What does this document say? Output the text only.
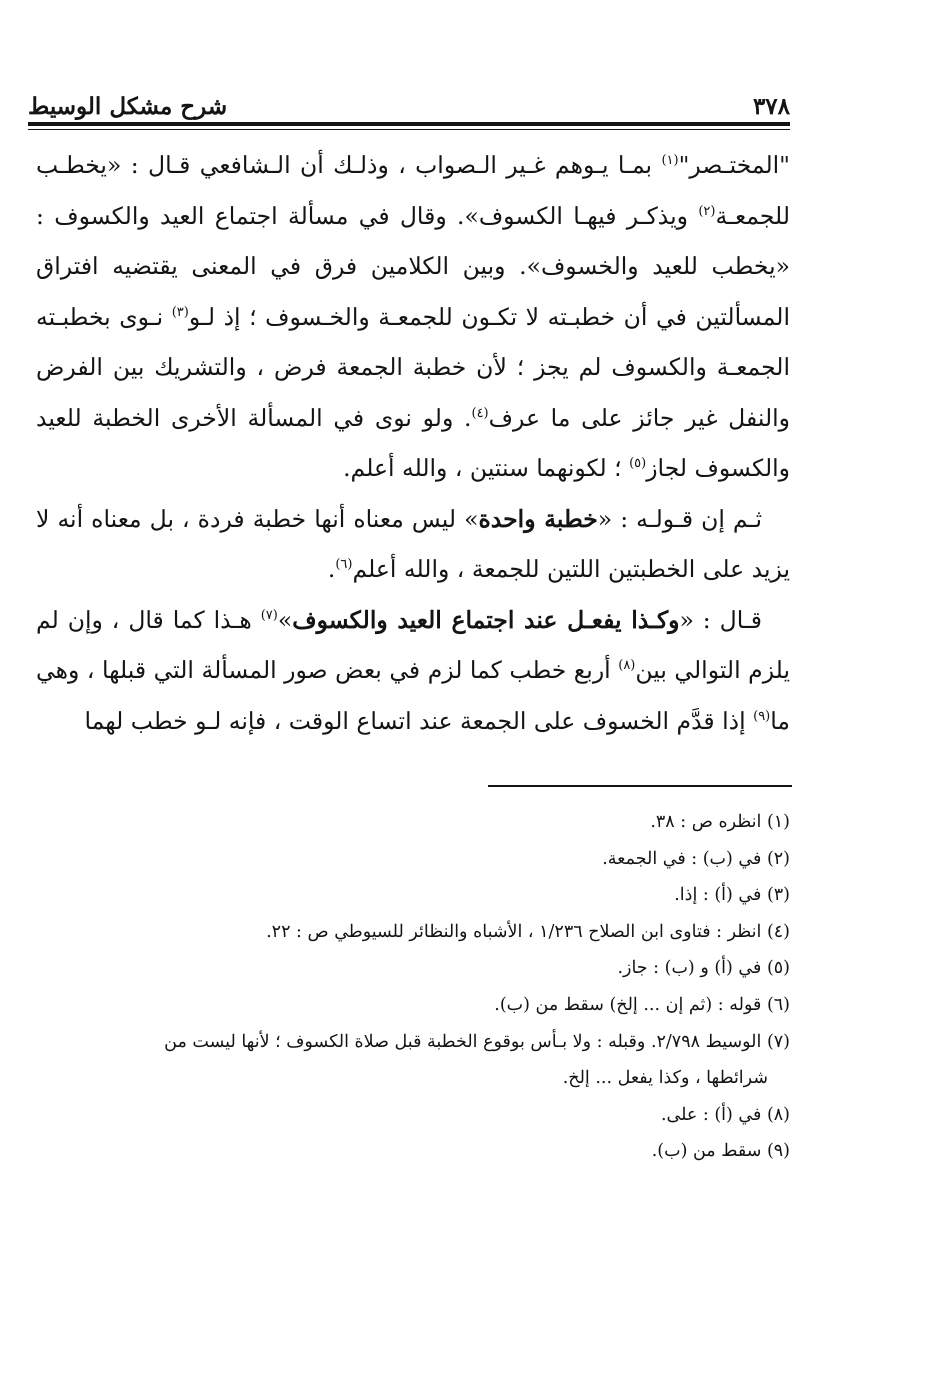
٣٧٨
شرح مشكل الوسيط

"المختـصر"$^{(١)}$ بمـا يـوهم غـير الـصواب ، وذلـك أن الـشافعي قـال : «يخطـب للجمعـة$^{(٢)}$ ويذكـر فيهـا الكسوف». وقال في مسألة اجتماع العيد والكسوف : «يخطب للعيد والخسوف». وبين الكلامين فرق في المعنى يقتضيه افتراق المسألتين في أن خطبـته لا تكـون للجمعـة والخـسوف ؛ إذ لـو$^{(٣)}$ نـوى بخطبـته الجمعـة والكسوف لم يجز ؛ لأن خطبة الجمعة فرض ، والتشريك بين الفرض والنفل غير جائز على ما عرف$^{(٤)}$. ولو نوى في المسألة الأخرى الخطبة للعيد والكسوف لجاز$^{(٥)}$ ؛ لكونهما سنتين ، والله أعلم.

ثـم إن قـولـه : «خطبة واحدة» ليس معناه أنها خطبة فردة ، بل معناه أنه لا يزيد على الخطبتين اللتين للجمعة ، والله أعلم$^{(٦)}$.

قـال : «وكـذا يفعـل عند اجتماع العيد والكسوف»$^{(٧)}$ هـذا كما قال ، وإن لم يلزم التوالي بين$^{(٨)}$ أربع خطب كما لزم في بعض صور المسألة التي قبلها ، وهي ما$^{(٩)}$ إذا قدَّم الخسوف على الجمعة عند اتساع الوقت ، فإنه لـو خطب لهما

(١) انظره ص : ٣٨.

(٢) في (ب) : في الجمعة.

(٣) في (أ) : إذا.

(٤) انظر : فتاوى ابن الصلاح ١/٢٣٦ ، الأشباه والنظائر للسيوطي ص : ٢٢.

(٥) في (أ) و (ب) : جاز.

(٦) قوله : (ثم إن ... إلخ) سقط من (ب).

(٧) الوسيط ٢/٧٩٨. وقبله : ولا بـأس بوقوع الخطبة قبل صلاة الكسوف ؛ لأنها ليست من

شرائطها ، وكذا يفعل ... إلخ.

(٨) في (أ) : على.

(٩) سقط من (ب).
